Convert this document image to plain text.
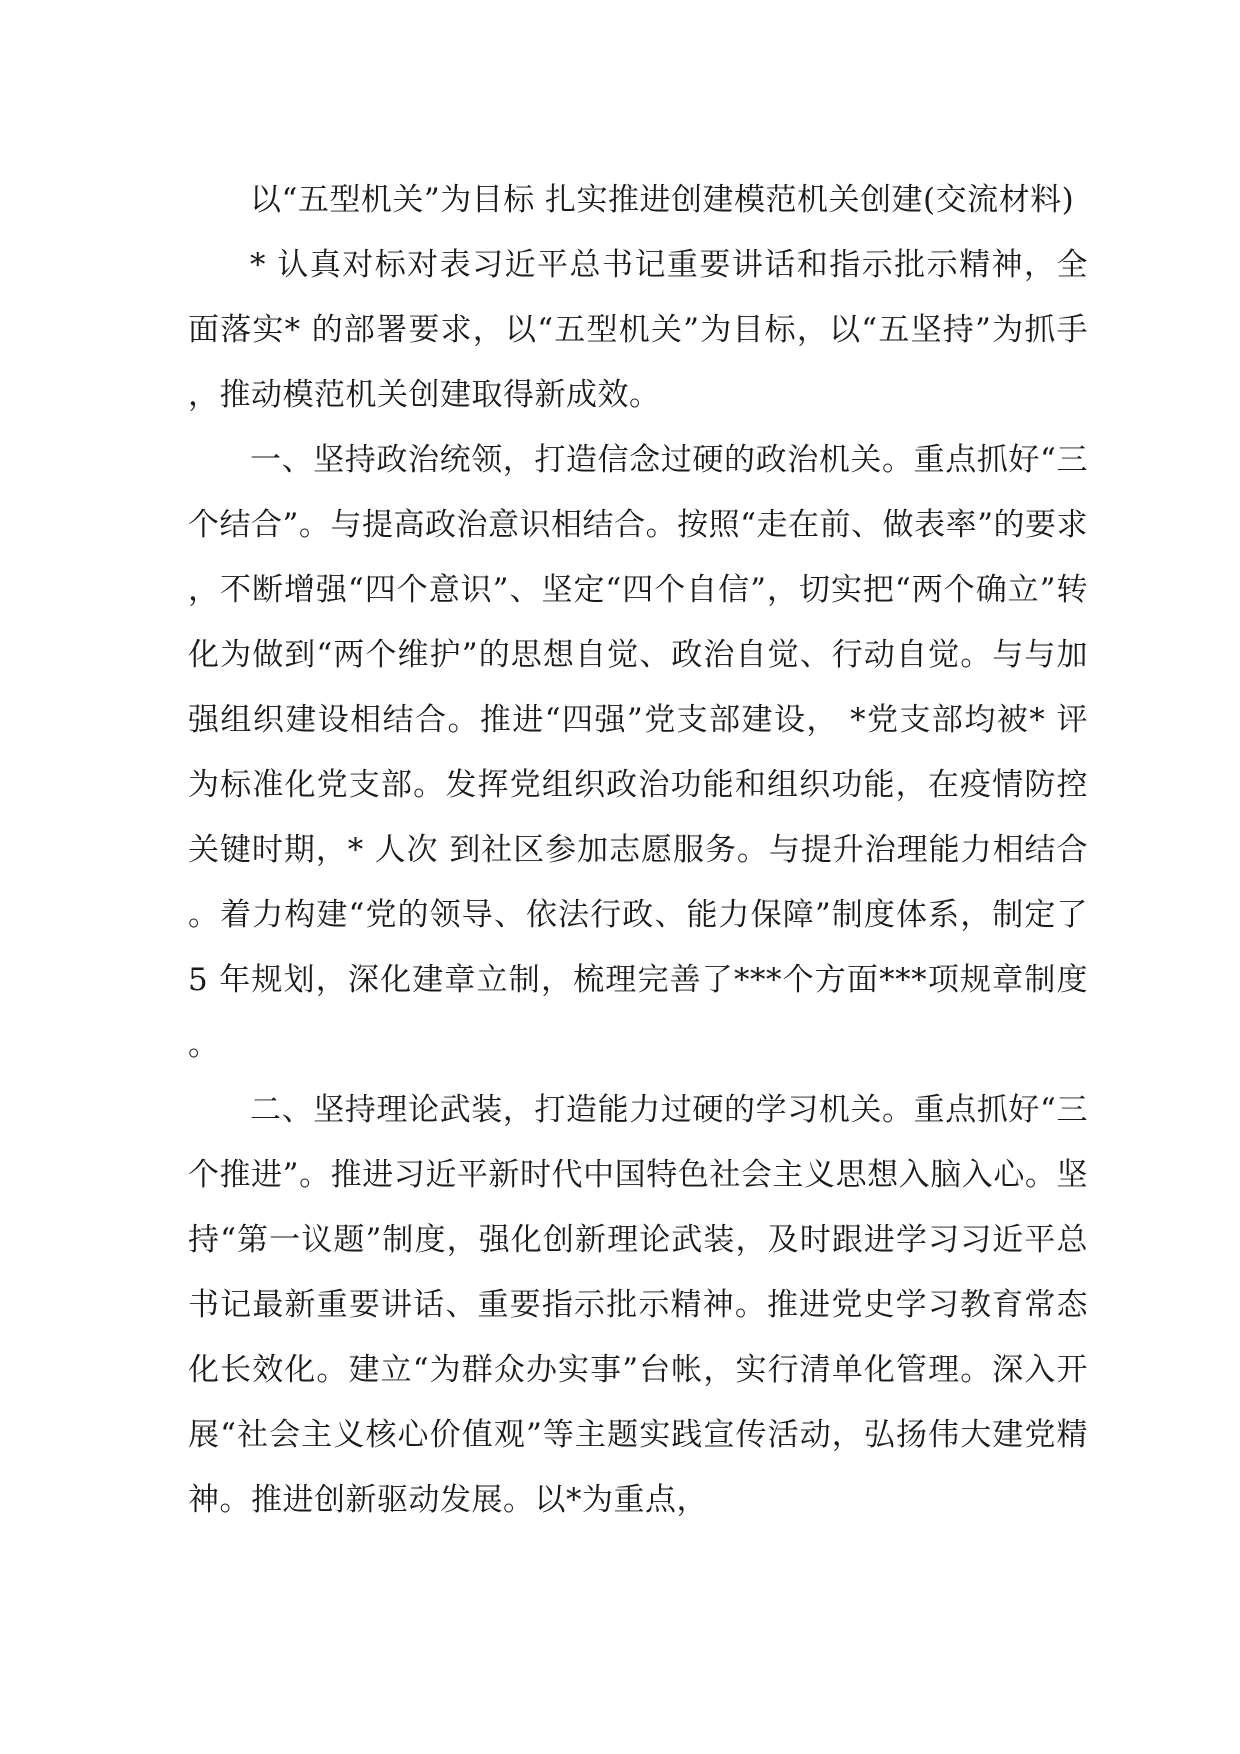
以“五型机关”为目标 扎实推进创建模范机关创建(交流材料)

* 认真对标对表习近平总书记重要讲话和指示批示精神，全面落实* 的部署要求，以“五型机关”为目标，以“五坚持”为抓手，推动模范机关创建取得新成效。

一、坚持政治统领，打造信念过硬的政治机关。重点抓好“三个结合”。与提高政治意识相结合。按照“走在前、做表率”的要求，不断增强“四个意识”、坚定“四个自信”，切实把“两个确立”转化为做到“两个维护”的思想自觉、政治自觉、行动自觉。与与加强组织建设相结合。推进“四强”党支部建设， *党支部均被* 评为标准化党支部。发挥党组织政治功能和组织功能，在疫情防控关键时期，* 人次 到社区参加志愿服务。与提升治理能力相结合。着力构建“党的领导、依法行政、能力保障”制度体系，制定了 5 年规划，深化建章立制，梳理完善了***个方面***项规章制度。

二、坚持理论武装，打造能力过硬的学习机关。重点抓好“三个推进”。推进习近平新时代中国特色社会主义思想入脑入心。坚持“第一议题”制度，强化创新理论武装，及时跟进学习习近平总书记最新重要讲话、重要指示批示精神。推进党史学习教育常态化长效化。建立“为群众办实事”台帐，实行清单化管理。深入开展“社会主义核心价值观”等主题实践宣传活动，弘扬伟大建党精神。推进创新驱动发展。以*为重点，
